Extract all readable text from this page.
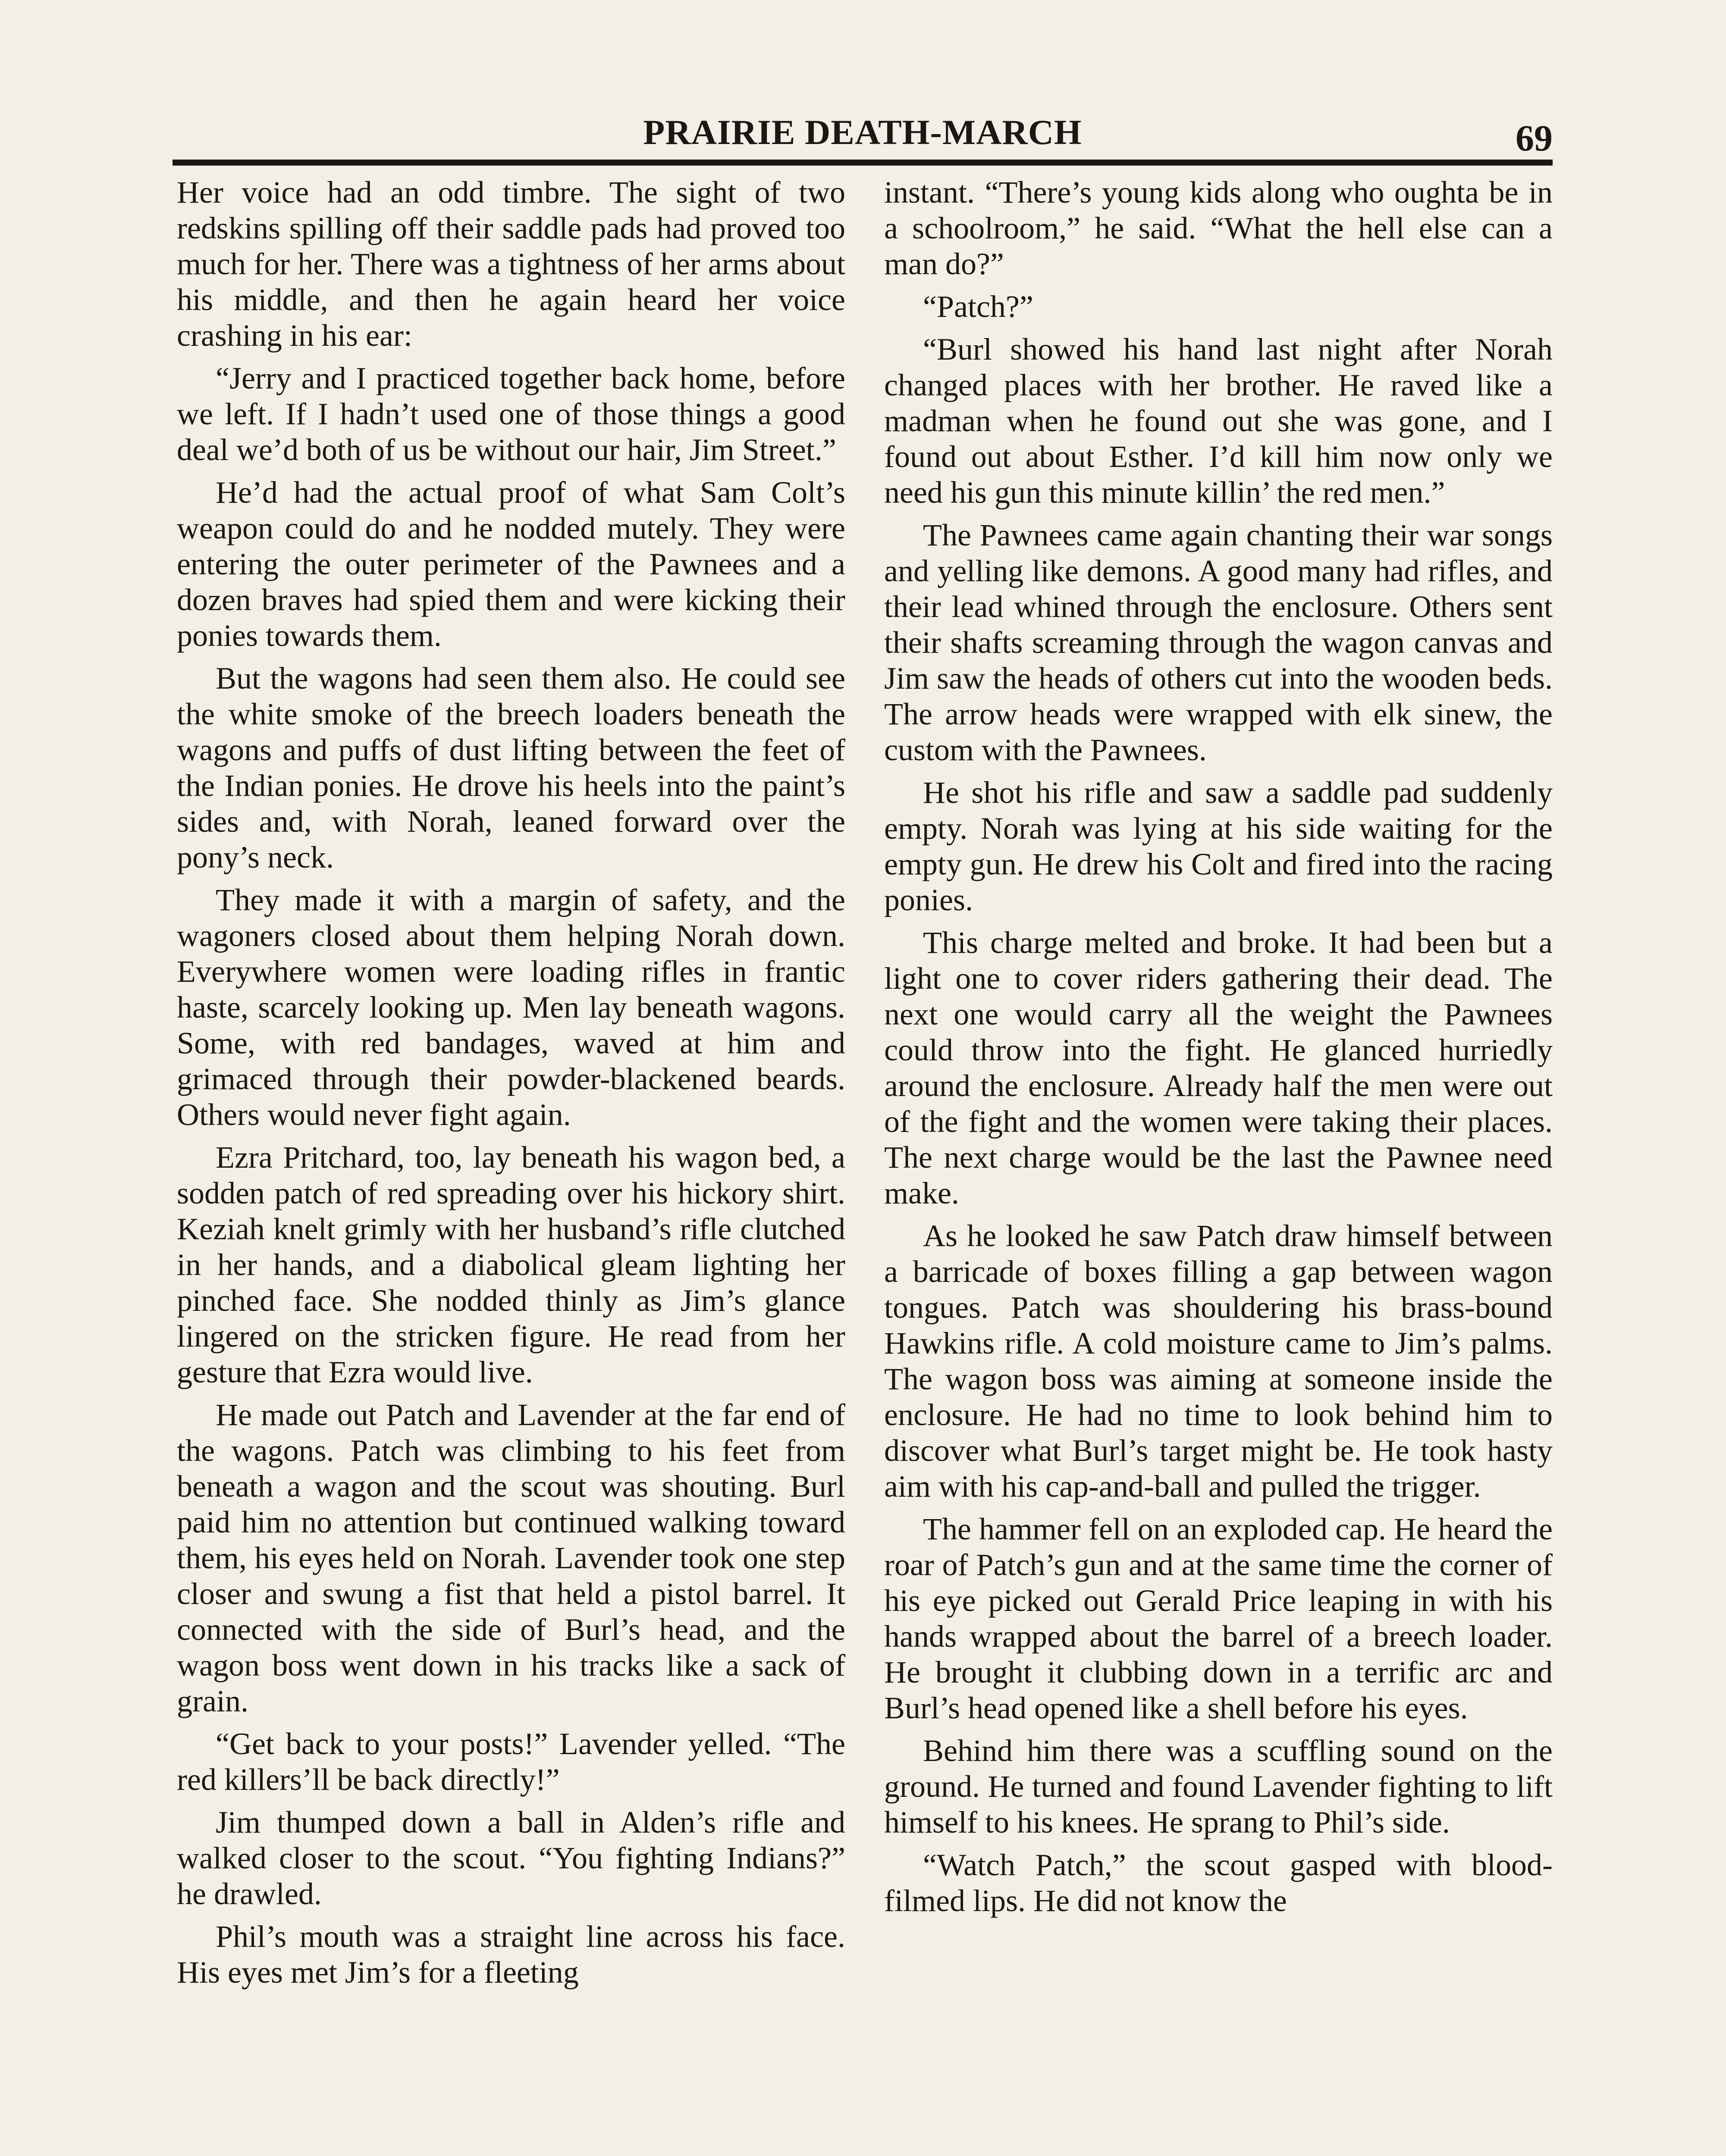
PRAIRIE DEATH-MARCH	69

Her voice had an odd timbre. The sight of two redskins spilling off their saddle pads had proved too much for her. There was a tightness of her arms about his middle, and then he again heard her voice crashing in his ear:

“Jerry and I practiced together back home, before we left. If I hadn’t used one of those things a good deal we’d both of us be without our hair, Jim Street.”

He’d had the actual proof of what Sam Colt’s weapon could do and he nodded mutely. They were entering the outer perimeter of the Pawnees and a dozen braves had spied them and were kicking their ponies towards them.

But the wagons had seen them also. He could see the white smoke of the breech loaders beneath the wagons and puffs of dust lifting between the feet of the Indian ponies. He drove his heels into the paint’s sides and, with Norah, leaned forward over the pony’s neck.

They made it with a margin of safety, and the wagoners closed about them helping Norah down. Everywhere women were loading rifles in frantic haste, scarcely looking up. Men lay beneath wagons. Some, with red bandages, waved at him and grimaced through their powder-blackened beards. Others would never fight again.

Ezra Pritchard, too, lay beneath his wagon bed, a sodden patch of red spreading over his hickory shirt. Keziah knelt grimly with her husband’s rifle clutched in her hands, and a diabolical gleam lighting her pinched face. She nodded thinly as Jim’s glance lingered on the stricken figure. He read from her gesture that Ezra would live.

He made out Patch and Lavender at the far end of the wagons. Patch was climbing to his feet from beneath a wagon and the scout was shouting. Burl paid him no attention but continued walking toward them, his eyes held on Norah. Lavender took one step closer and swung a fist that held a pistol barrel. It connected with the side of Burl’s head, and the wagon boss went down in his tracks like a sack of grain.

“Get back to your posts!” Lavender yelled. “The red killers’ll be back directly!”

Jim thumped down a ball in Alden’s rifle and walked closer to the scout. “You fighting Indians?” he drawled.

Phil’s mouth was a straight line across his face. His eyes met Jim’s for a fleeting

instant. “There’s young kids along who oughta be in a schoolroom,” he said. “What the hell else can a man do?”

“Patch?”

“Burl showed his hand last night after Norah changed places with her brother. He raved like a madman when he found out she was gone, and I found out about Esther. I’d kill him now only we need his gun this minute killin’ the red men.”

The Pawnees came again chanting their war songs and yelling like demons. A good many had rifles, and their lead whined through the enclosure. Others sent their shafts screaming through the wagon canvas and Jim saw the heads of others cut into the wooden beds. The arrow heads were wrapped with elk sinew, the custom with the Pawnees.

He shot his rifle and saw a saddle pad suddenly empty. Norah was lying at his side waiting for the empty gun. He drew his Colt and fired into the racing ponies.

This charge melted and broke. It had been but a light one to cover riders gathering their dead. The next one would carry all the weight the Pawnees could throw into the fight. He glanced hurriedly around the enclosure. Already half the men were out of the fight and the women were taking their places. The next charge would be the last the Pawnee need make.

As he looked he saw Patch draw himself between a barricade of boxes filling a gap between wagon tongues. Patch was shouldering his brass-bound Hawkins rifle. A cold moisture came to Jim’s palms. The wagon boss was aiming at someone inside the enclosure. He had no time to look behind him to discover what Burl’s target might be. He took hasty aim with his cap-and-ball and pulled the trigger.

The hammer fell on an exploded cap. He heard the roar of Patch’s gun and at the same time the corner of his eye picked out Gerald Price leaping in with his hands wrapped about the barrel of a breech loader. He brought it clubbing down in a terrific arc and Burl’s head opened like a shell before his eyes.

Behind him there was a scuffling sound on the ground. He turned and found Lavender fighting to lift himself to his knees. He sprang to Phil’s side.

“Watch Patch,” the scout gasped with blood-filmed lips. He did not know the
